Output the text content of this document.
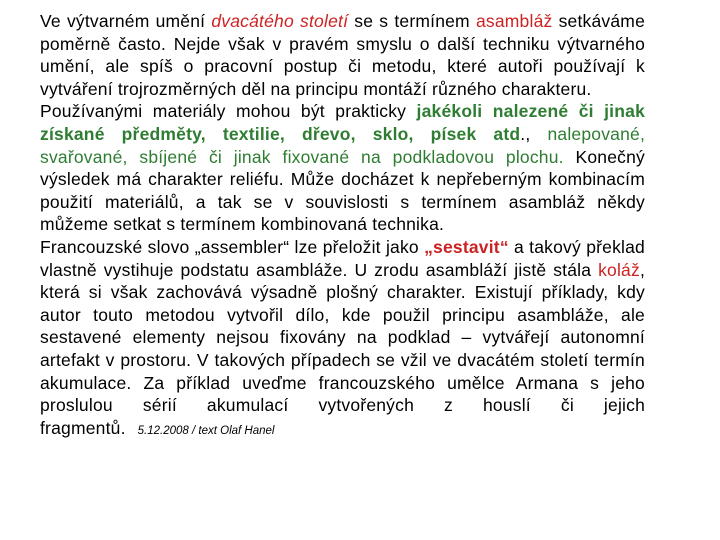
Ve výtvarném umění dvacátého století se s termínem asambláž setkáváme poměrně často. Nejde však v pravém smyslu o další techniku výtvarného umění, ale spíš o pracovní postup či metodu, které autoři používají k vytváření trojrozměrných děl na principu montáží různého charakteru.

Používanými materiály mohou být prakticky jakékoli nalezené či jinak získané předměty, textilie, dřevo, sklo, písek atd., nalepované, svařované, sbíjené či jinak fixované na podkladovou plochu. Konečný výsledek má charakter reliéfu. Může docházet k nepřeberným kombinacím použití materiálů, a tak se v souvislosti s termínem asambláž někdy můžeme setkat s termínem kombinovaná technika.

Francouzské slovo „assembler“ lze přeložit jako „sestavit“ a takový překlad vlastně vystihuje podstatu asambláže. U zrodu asambláží jistě stála koláž, která si však zachovává výsadně plošný charakter. Existují příklady, kdy autor touto metodou vytvořil dílo, kde použil principu asambláže, ale sestavené elementy nejsou fixovány na podklad – vytvářejí autonomní artefakt v prostoru. V takových případech se vžil ve dvacátém století termín akumulace. Za příklad uveďme francouzského umělce Armana s jeho proslulou sérií akumulací vytvořených z houslí či jejich fragmentů. 5.12.2008 / text Olaf Hanel
